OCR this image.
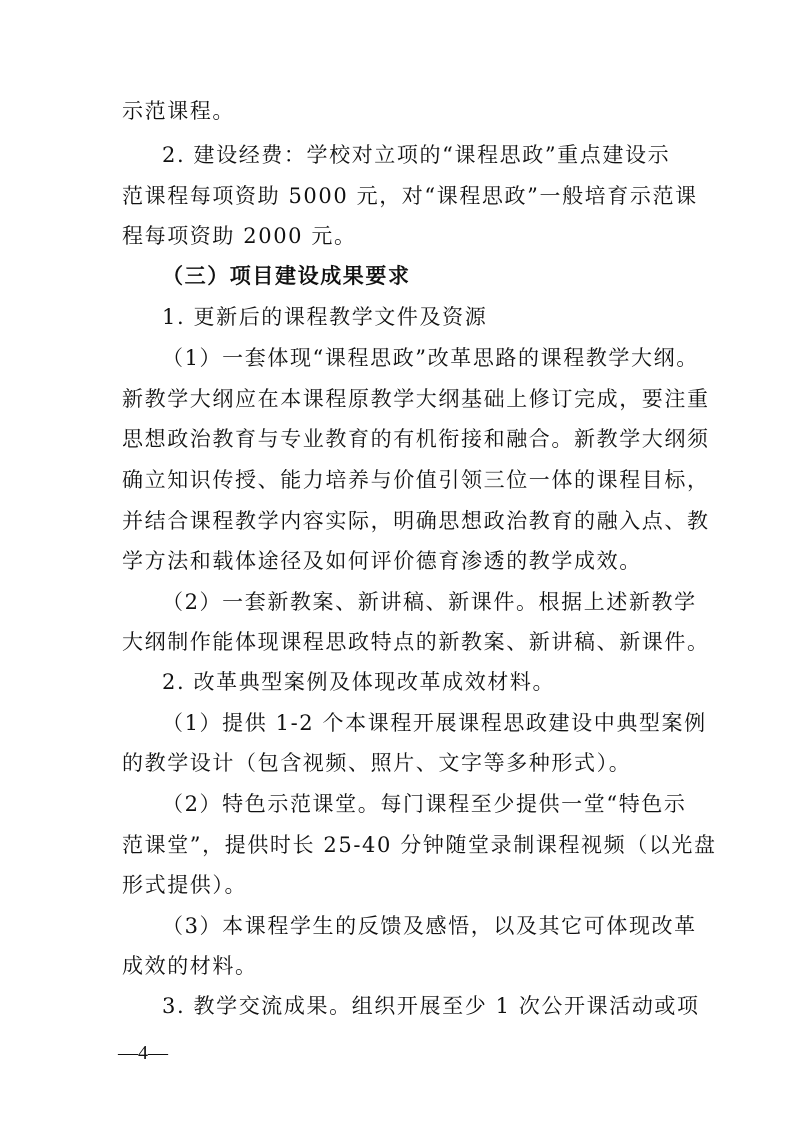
示范课程。
2. 建设经费：学校对立项的“课程思政”重点建设示
范课程每项资助 5000 元，对“课程思政”一般培育示范课
程每项资助 2000 元。
（三）项目建设成果要求
1. 更新后的课程教学文件及资源
（1）一套体现“课程思政”改革思路的课程教学大纲。
新教学大纲应在本课程原教学大纲基础上修订完成，要注重
思想政治教育与专业教育的有机衔接和融合。新教学大纲须
确立知识传授、能力培养与价值引领三位一体的课程目标，
并结合课程教学内容实际，明确思想政治教育的融入点、教
学方法和载体途径及如何评价德育渗透的教学成效。
（2）一套新教案、新讲稿、新课件。根据上述新教学
大纲制作能体现课程思政特点的新教案、新讲稿、新课件。
2. 改革典型案例及体现改革成效材料。
（1）提供 1-2 个本课程开展课程思政建设中典型案例
的教学设计（包含视频、照片、文字等多种形式）。
（2）特色示范课堂。每门课程至少提供一堂“特色示
范课堂”，提供时长 25-40 分钟随堂录制课程视频（以光盘
形式提供）。
（3）本课程学生的反馈及感悟，以及其它可体现改革
成效的材料。
3. 教学交流成果。组织开展至少 1 次公开课活动或项
—4—
